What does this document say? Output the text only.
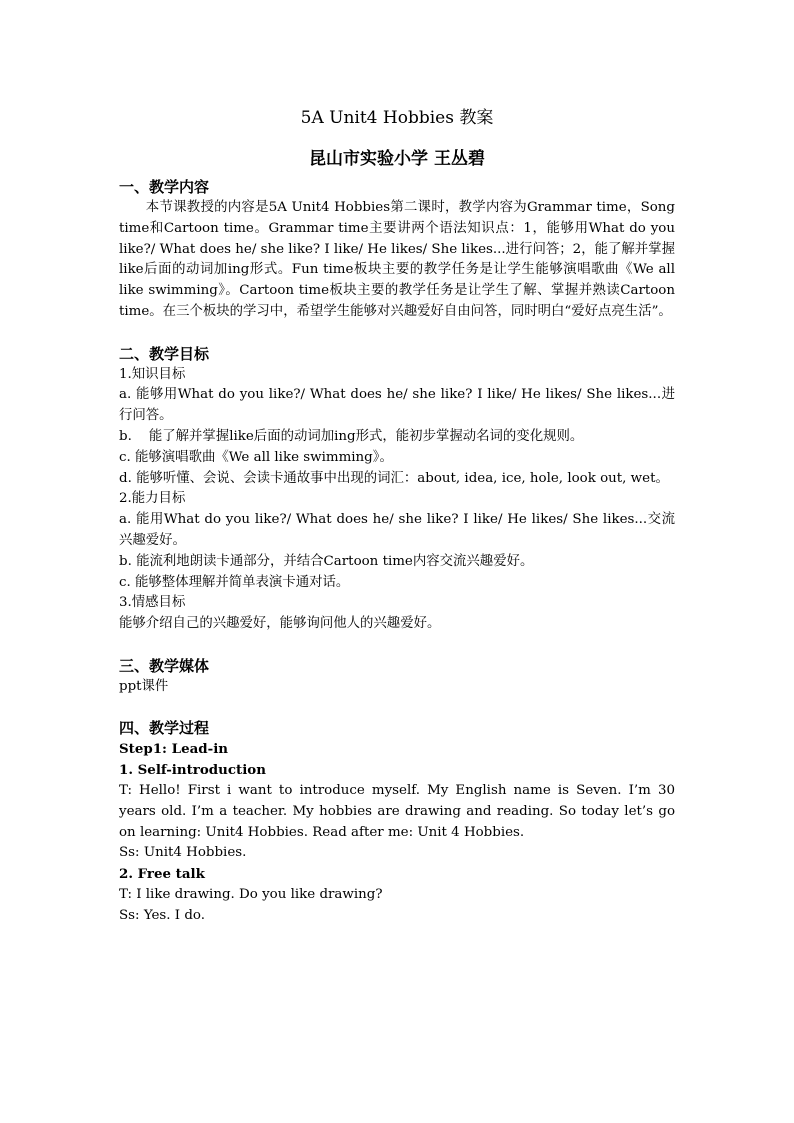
5A Unit4 Hobbies 教案
昆山市实验小学 王丛碧
一、教学内容
本节课教授的内容是5A Unit4 Hobbies第二课时，教学内容为Grammar time，Song time和Cartoon time。Grammar time主要讲两个语法知识点：1，能够用What do you like?/ What does he/ she like? I like/ He likes/ She likes...进行问答；2，能了解并掌握like后面的动词加ing形式。Fun time板块主要的教学任务是让学生能够演唱歌曲《We all like swimming》。Cartoon time板块主要的教学任务是让学生了解、掌握并熟读Cartoon time。在三个板块的学习中，希望学生能够对兴趣爱好自由问答，同时明白“爱好点亮生活”。
二、教学目标
1.知识目标
a. 能够用What do you like?/ What does he/ she like? I like/ He likes/ She likes...进行问答。
b.    能了解并掌握like后面的动词加ing形式，能初步掌握动名词的变化规则。
c. 能够演唱歌曲《We all like swimming》。
d. 能够听懂、会说、会读卡通故事中出现的词汇：about, idea, ice, hole, look out, wet。
2.能力目标
a. 能用What do you like?/ What does he/ she like? I like/ He likes/ She likes...交流兴趣爱好。
b. 能流利地朗读卡通部分，并结合Cartoon time内容交流兴趣爱好。
c. 能够整体理解并简单表演卡通对话。
3.情感目标
能够介绍自己的兴趣爱好，能够询问他人的兴趣爱好。
三、教学媒体
ppt课件
四、教学过程
Step1: Lead-in
1. Self-introduction
T: Hello! First i want to introduce myself. My English name is Seven. I’m 30 years old. I’m a teacher. My hobbies are drawing and reading. So today let’s go on learning: Unit4 Hobbies. Read after me: Unit 4 Hobbies.
Ss: Unit4 Hobbies.
2. Free talk
T: I like drawing. Do you like drawing?
Ss: Yes. I do.
